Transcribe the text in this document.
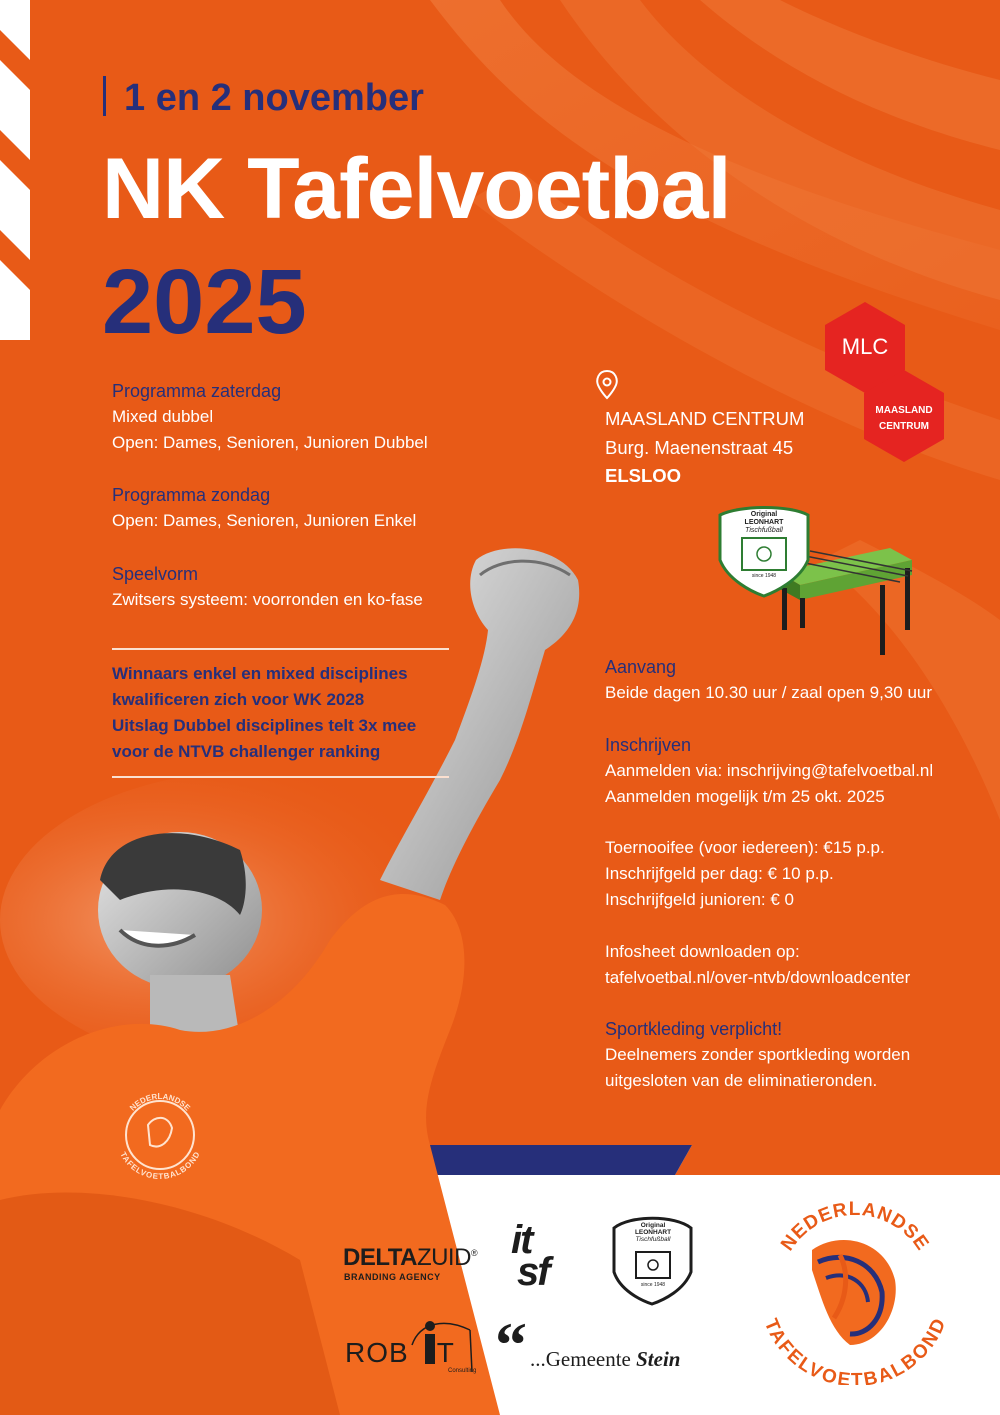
1 en 2 november
NK Tafelvoetbal
2025
Programma zaterdag
Mixed dubbel
Open: Dames, Senioren, Junioren Dubbel
Programma zondag
Open: Dames, Senioren, Junioren Enkel
Speelvorm
Zwitsers systeem: voorronden en ko-fase
Winnaars enkel en mixed disciplines
kwalificeren zich voor WK 2028
Uitslag Dubbel disciplines telt 3x mee
voor de NTVB challenger ranking
MAASLAND CENTRUM
Burg. Maenenstraat 45
ELSLOO
MLC
MAASLAND
CENTRUM
Original
LEONHART
Tischfußball
since 1948
Aanvang
Beide dagen 10.30 uur / zaal open 9,30 uur
Inschrijven
Aanmelden via: inschrijving@tafelvoetbal.nl
Aanmelden mogelijk t/m 25 okt. 2025
Toernooifee (voor iedereen): €15 p.p.
Inschrijfgeld per dag: € 10 p.p.
Inschrijfgeld junioren: € 0
Infosheet downloaden op:
tafelvoetbal.nl/over-ntvb/downloadcenter
Sportkleding verplicht!
Deelnemers zonder sportkleding worden
uitgesloten van de eliminatieronden.
DELTAZUID®
BRANDING AGENCY
it
sf
Original
LEONHART
Tischfußball
since 1948
ROB T
Consulting “ ...Gemeente Stein
NEDERLANDSE
TAFELVOETBALBOND
NEDERLANDSE
TAFELVOETBALBOND
